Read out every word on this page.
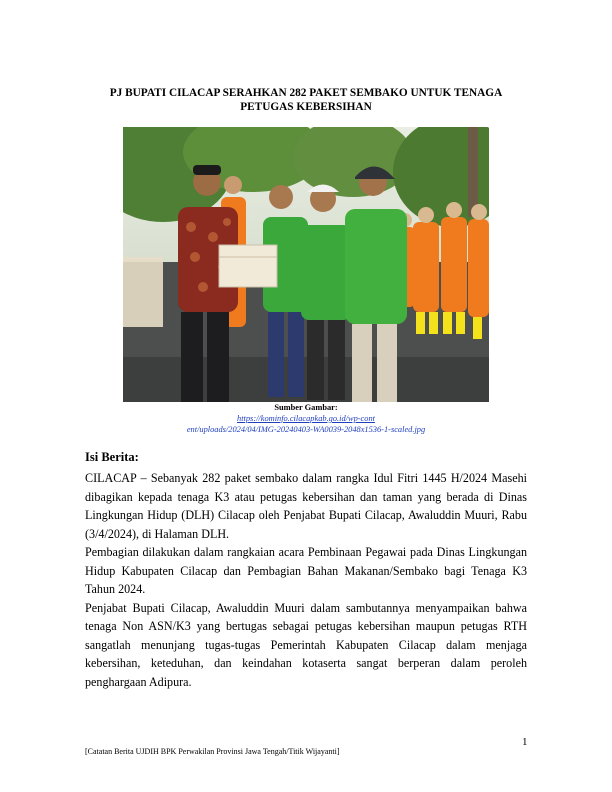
PJ BUPATI CILACAP SERAHKAN 282 PAKET SEMBAKO UNTUK TENAGA PETUGAS KEBERSIHAN
Sumber Gambar:
https://kominfo.cilacapkab.go.id/wp-cont
ent/uploads/2024/04/IMG-20240403-WA0039-2048x1536-1-scaled.jpg
Isi Berita:

CILACAP – Sebanyak 282 paket sembako dalam rangka Idul Fitri 1445 H/2024 Masehi dibagikan kepada tenaga K3 atau petugas kebersihan dan taman yang berada di Dinas Lingkungan Hidup (DLH) Cilacap oleh Penjabat Bupati Cilacap, Awaluddin Muuri, Rabu (3/4/2024), di Halaman DLH.

Pembagian dilakukan dalam rangkaian acara Pembinaan Pegawai pada Dinas Lingkungan Hidup Kabupaten Cilacap dan Pembagian Bahan Makanan/Sembako bagi Tenaga K3 Tahun 2024.

Penjabat Bupati Cilacap, Awaluddin Muuri dalam sambutannya menyampaikan bahwa tenaga Non ASN/K3 yang bertugas sebagai petugas kebersihan maupun petugas RTH sangatlah menunjang tugas-tugas Pemerintah Kabupaten Cilacap dalam menjaga kebersihan, keteduhan, dan keindahan kotaserta sangat berperan dalam peroleh penghargaan Adipura.

1
[Catatan Berita UJDIH BPK Perwakilan Provinsi Jawa Tengah/Titik Wijayanti]
